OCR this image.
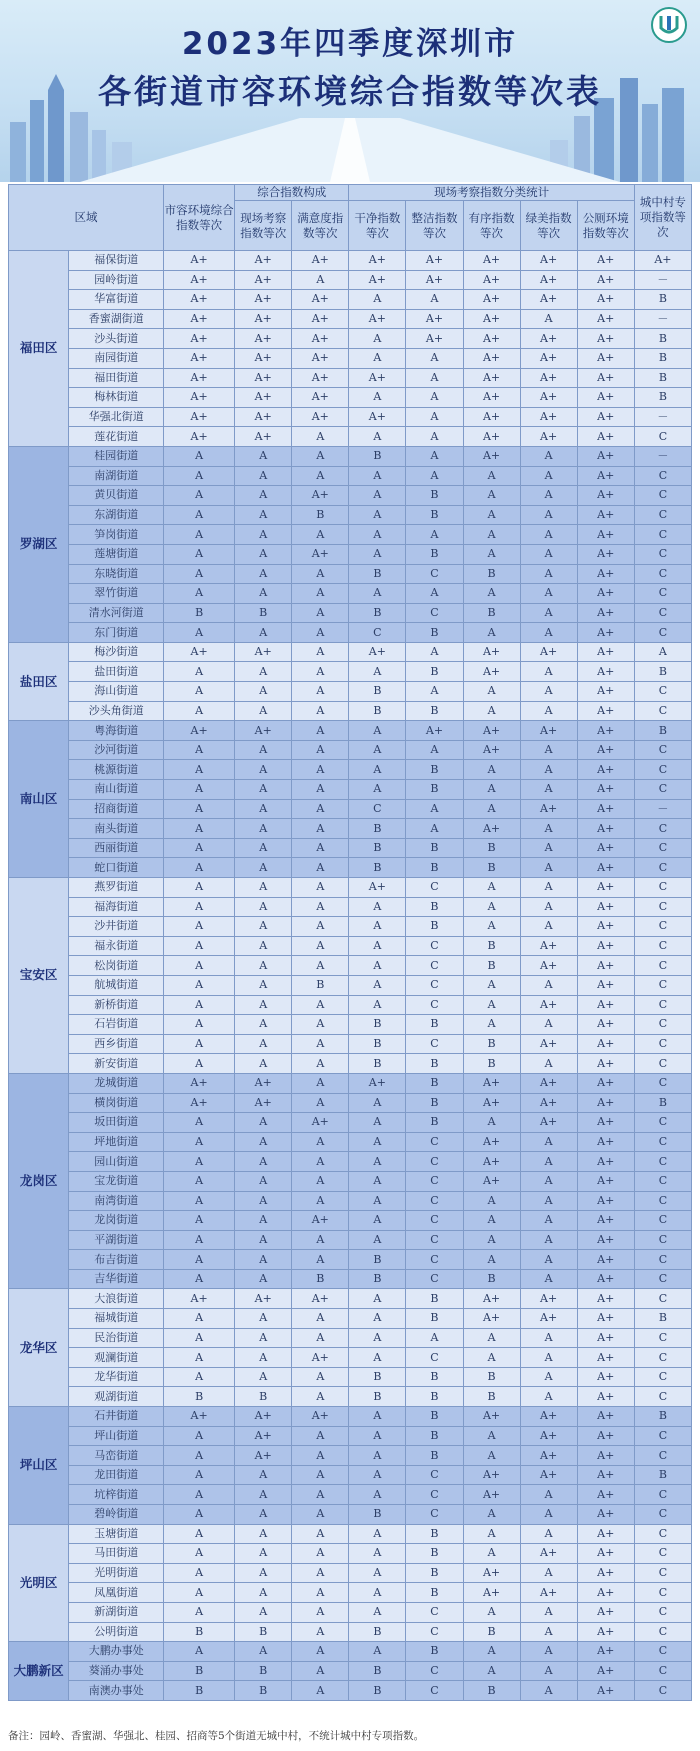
2023年四季度深圳市
各街道市容环境综合指数等次表
区域		市容环境综合指数等次	综合指数构成		现场考察指数分类统计					城中村专项指数等次
			现场考察指数等次	满意度指数等次	干净指数等次	整洁指数等次	有序指数等次	绿美指数等次	公厕环境指数等次	
福田区	福保街道	A+	A+	A+	A+	A+	A+	A+	A+	A+
	园岭街道	A+	A+	A	A+	A+	A+	A+	A+	－
	华富街道	A+	A+	A+	A	A	A+	A+	A+	B
	香蜜湖街道	A+	A+	A+	A+	A+	A+	A	A+	－
	沙头街道	A+	A+	A+	A	A+	A+	A+	A+	B
	南园街道	A+	A+	A+	A	A	A+	A+	A+	B
	福田街道	A+	A+	A+	A+	A	A+	A+	A+	B
	梅林街道	A+	A+	A+	A	A	A+	A+	A+	B
	华强北街道	A+	A+	A+	A+	A	A+	A+	A+	－
	莲花街道	A+	A+	A	A	A	A+	A+	A+	C
罗湖区	桂园街道	A	A	A	B	A	A+	A	A+	－
	南湖街道	A	A	A	A	A	A	A	A+	C
	黄贝街道	A	A	A+	A	B	A	A	A+	C
	东湖街道	A	A	B	A	B	A	A	A+	C
	笋岗街道	A	A	A	A	A	A	A	A+	C
	莲塘街道	A	A	A+	A	B	A	A	A+	C
	东晓街道	A	A	A	B	C	B	A	A+	C
	翠竹街道	A	A	A	A	A	A	A	A+	C
	清水河街道	B	B	A	B	C	B	A	A+	C
	东门街道	A	A	A	C	B	A	A	A+	C
盐田区	梅沙街道	A+	A+	A	A+	A	A+	A+	A+	A
	盐田街道	A	A	A	A	B	A+	A	A+	B
	海山街道	A	A	A	B	A	A	A	A+	C
	沙头角街道	A	A	A	B	B	A	A	A+	C
南山区	粤海街道	A+	A+	A	A	A+	A+	A+	A+	B
	沙河街道	A	A	A	A	A	A+	A	A+	C
	桃源街道	A	A	A	A	B	A	A	A+	C
	南山街道	A	A	A	A	B	A	A	A+	C
	招商街道	A	A	A	C	A	A	A+	A+	－
	南头街道	A	A	A	B	A	A+	A	A+	C
	西丽街道	A	A	A	B	B	B	A	A+	C
	蛇口街道	A	A	A	B	B	B	A	A+	C
宝安区	燕罗街道	A	A	A	A+	C	A	A	A+	C
	福海街道	A	A	A	A	B	A	A	A+	C
	沙井街道	A	A	A	A	B	A	A	A+	C
	福永街道	A	A	A	A	C	B	A+	A+	C
	松岗街道	A	A	A	A	C	B	A+	A+	C
	航城街道	A	A	B	A	C	A	A	A+	C
	新桥街道	A	A	A	A	C	A	A+	A+	C
	石岩街道	A	A	A	B	B	A	A	A+	C
	西乡街道	A	A	A	B	C	B	A+	A+	C
	新安街道	A	A	A	B	B	B	A	A+	C
龙岗区	龙城街道	A+	A+	A	A+	B	A+	A+	A+	C
	横岗街道	A+	A+	A	A	B	A+	A+	A+	B
	坂田街道	A	A	A+	A	B	A	A+	A+	C
	坪地街道	A	A	A	A	C	A+	A	A+	C
	园山街道	A	A	A	A	C	A+	A	A+	C
	宝龙街道	A	A	A	A	C	A+	A	A+	C
	南湾街道	A	A	A	A	C	A	A	A+	C
	龙岗街道	A	A	A+	A	C	A	A	A+	C
	平湖街道	A	A	A	A	C	A	A	A+	C
	布吉街道	A	A	A	B	C	A	A	A+	C
	吉华街道	A	A	B	B	C	B	A	A+	C
龙华区	大浪街道	A+	A+	A+	A	B	A+	A+	A+	C
	福城街道	A	A	A	A	B	A+	A+	A+	B
	民治街道	A	A	A	A	A	A	A	A+	C
	观澜街道	A	A	A+	A	C	A	A	A+	C
	龙华街道	A	A	A	B	B	B	A	A+	C
	观湖街道	B	B	A	B	B	B	A	A+	C
坪山区	石井街道	A+	A+	A+	A	B	A+	A+	A+	B
	坪山街道	A	A+	A	A	B	A	A+	A+	C
	马峦街道	A	A+	A	A	B	A	A+	A+	C
	龙田街道	A	A	A	A	C	A+	A+	A+	B
	坑梓街道	A	A	A	A	C	A+	A	A+	C
	碧岭街道	A	A	A	B	C	A	A	A+	C
光明区	玉塘街道	A	A	A	A	B	A	A	A+	C
	马田街道	A	A	A	A	B	A	A+	A+	C
	光明街道	A	A	A	A	B	A+	A	A+	C
	凤凰街道	A	A	A	A	B	A+	A+	A+	C
	新湖街道	A	A	A	A	C	A	A	A+	C
	公明街道	B	B	A	B	C	B	A	A+	C
大鹏新区	大鹏办事处	A	A	A	A	B	A	A	A+	C
	葵涌办事处	B	B	A	B	C	A	A	A+	C
	南澳办事处	B	B	A	B	C	B	A	A+	C
备注：园岭、香蜜湖、华强北、桂园、招商等5个街道无城中村，不统计城中村专项指数。
